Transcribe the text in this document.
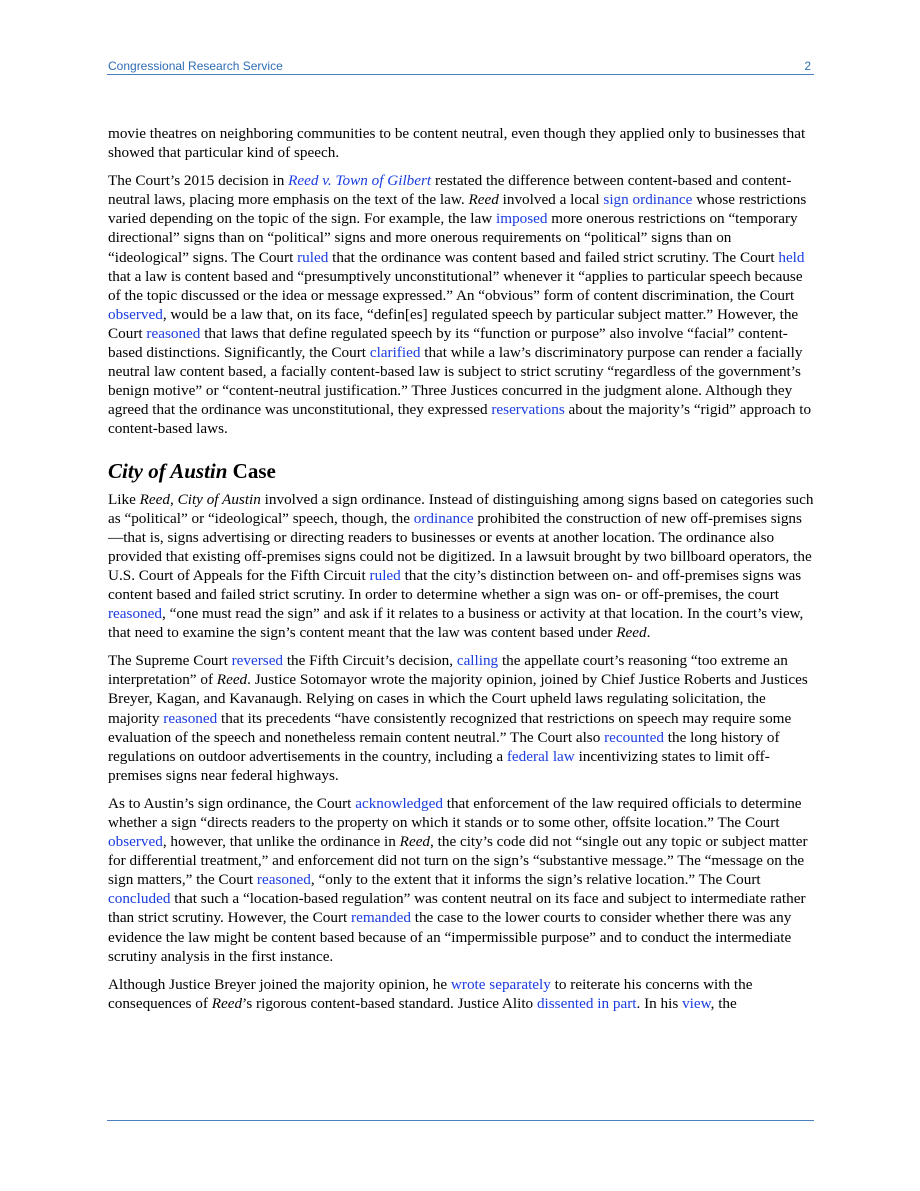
Congressional Research Service	2

movie theatres on neighboring communities to be content neutral, even though they applied only to businesses that showed that particular kind of speech.

The Court’s 2015 decision in Reed v. Town of Gilbert restated the difference between content-based and content-neutral laws, placing more emphasis on the text of the law. Reed involved a local sign ordinance whose restrictions varied depending on the topic of the sign. For example, the law imposed more onerous restrictions on “temporary directional” signs than on “political” signs and more onerous requirements on “political” signs than on “ideological” signs. The Court ruled that the ordinance was content based and failed strict scrutiny. The Court held that a law is content based and “presumptively unconstitutional” whenever it “applies to particular speech because of the topic discussed or the idea or message expressed.” An “obvious” form of content discrimination, the Court observed, would be a law that, on its face, “defin[es] regulated speech by particular subject matter.” However, the Court reasoned that laws that define regulated speech by its “function or purpose” also involve “facial” content-based distinctions. Significantly, the Court clarified that while a law’s discriminatory purpose can render a facially neutral law content based, a facially content-based law is subject to strict scrutiny “regardless of the government’s benign motive” or “content-neutral justification.” Three Justices concurred in the judgment alone. Although they agreed that the ordinance was unconstitutional, they expressed reservations about the majority’s “rigid” approach to content-based laws.

City of Austin Case

Like Reed, City of Austin involved a sign ordinance. Instead of distinguishing among signs based on categories such as “political” or “ideological” speech, though, the ordinance prohibited the construction of new off-premises signs—that is, signs advertising or directing readers to businesses or events at another location. The ordinance also provided that existing off-premises signs could not be digitized. In a lawsuit brought by two billboard operators, the U.S. Court of Appeals for the Fifth Circuit ruled that the city’s distinction between on- and off-premises signs was content based and failed strict scrutiny. In order to determine whether a sign was on- or off-premises, the court reasoned, “one must read the sign” and ask if it relates to a business or activity at that location. In the court’s view, that need to examine the sign’s content meant that the law was content based under Reed.

The Supreme Court reversed the Fifth Circuit’s decision, calling the appellate court’s reasoning “too extreme an interpretation” of Reed. Justice Sotomayor wrote the majority opinion, joined by Chief Justice Roberts and Justices Breyer, Kagan, and Kavanaugh. Relying on cases in which the Court upheld laws regulating solicitation, the majority reasoned that its precedents “have consistently recognized that restrictions on speech may require some evaluation of the speech and nonetheless remain content neutral.” The Court also recounted the long history of regulations on outdoor advertisements in the country, including a federal law incentivizing states to limit off-premises signs near federal highways.

As to Austin’s sign ordinance, the Court acknowledged that enforcement of the law required officials to determine whether a sign “directs readers to the property on which it stands or to some other, offsite location.” The Court observed, however, that unlike the ordinance in Reed, the city’s code did not “single out any topic or subject matter for differential treatment,” and enforcement did not turn on the sign’s “substantive message.” The “message on the sign matters,” the Court reasoned, “only to the extent that it informs the sign’s relative location.” The Court concluded that such a “location-based regulation” was content neutral on its face and subject to intermediate rather than strict scrutiny. However, the Court remanded the case to the lower courts to consider whether there was any evidence the law might be content based because of an “impermissible purpose” and to conduct the intermediate scrutiny analysis in the first instance.

Although Justice Breyer joined the majority opinion, he wrote separately to reiterate his concerns with the consequences of Reed’s rigorous content-based standard. Justice Alito dissented in part. In his view, the
